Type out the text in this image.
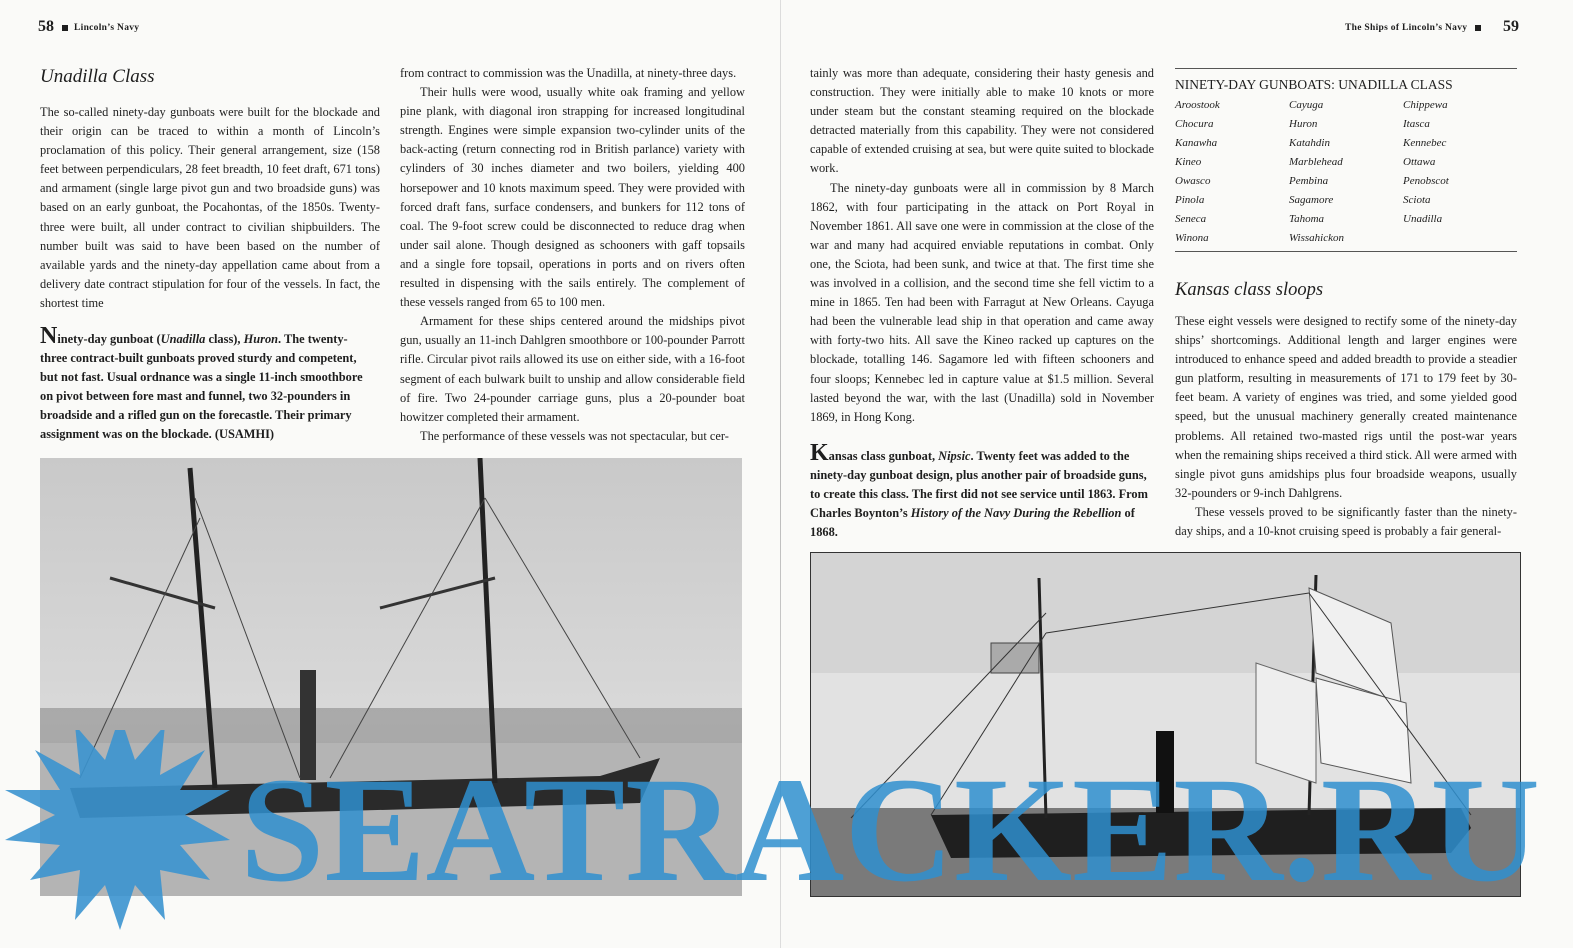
58	Lincoln’s Navy
Unadilla Class

The so-called ninety-day gunboats were built for the blockade and their origin can be traced to within a month of Lincoln’s proclamation of this policy. Their general arrangement, size (158 feet between perpendiculars, 28 feet breadth, 10 feet draft, 671 tons) and armament (single large pivot gun and two broadside guns) was based on an early gunboat, the Pocahontas, of the 1850s. Twenty-three were built, all under contract to civilian shipbuilders. The number built was said to have been based on the number of available yards and the ninety-day appellation came about from a delivery date contract stipulation for four of the vessels. In fact, the shortest time

Ninety-day gunboat (Unadilla class), Huron. The twenty-three contract-built gunboats proved sturdy and competent, but not fast. Usual ordnance was a single 11-inch smoothbore on pivot between fore mast and funnel, two 32-pounders in broadside and a rifled gun on the forecastle. Their primary assignment was on the blockade. (USAMHI)

from contract to commission was the Unadilla, at ninety-three days.

Their hulls were wood, usually white oak framing and yellow pine plank, with diagonal iron strapping for increased longitudinal strength. Engines were simple expansion two-cylinder units of the back-acting (return connecting rod in British parlance) variety with cylinders of 30 inches diameter and two boilers, yielding 400 horsepower and 10 knots maximum speed. They were provided with forced draft fans, surface condensers, and bunkers for 112 tons of coal. The 9-foot screw could be disconnected to reduce drag when under sail alone. Though designed as schooners with gaff topsails and a single fore topsail, operations in ports and on rivers often resulted in dispensing with the sails entirely. The complement of these vessels ranged from 65 to 100 men.

Armament for these ships centered around the midships pivot gun, usually an 11-inch Dahlgren smoothbore or 100-pounder Parrott rifle. Circular pivot rails allowed its use on either side, with a 16-foot segment of each bulwark built to unship and allow considerable field of fire. Two 24-pounder carriage guns, plus a 20-pounder boat howitzer completed their armament.

The performance of these vessels was not spectacular, but cer-

The Ships of Lincoln’s Navy	59

tainly was more than adequate, considering their hasty genesis and construction. They were initially able to make 10 knots or more under steam but the constant steaming required on the blockade detracted materially from this capability. They were not considered capable of extended cruising at sea, but were quite suited to blockade work.

The ninety-day gunboats were all in commission by 8 March 1862, with four participating in the attack on Port Royal in November 1861. All save one were in commission at the close of the war and many had acquired enviable reputations in combat. Only one, the Sciota, had been sunk, and twice at that. The first time she was involved in a collision, and the second time she fell victim to a mine in 1865. Ten had been with Farragut at New Orleans. Cayuga had been the vulnerable lead ship in that operation and came away with forty-two hits. All save the Kineo racked up captures on the blockade, totalling 146. Sagamore led with fifteen schooners and four sloops; Kennebec led in capture value at $1.5 million. Several lasted beyond the war, with the last (Unadilla) sold in November 1869, in Hong Kong.

Kansas class gunboat, Nipsic. Twenty feet was added to the ninety-day gunboat design, plus another pair of broadside guns, to create this class. The first did not see service until 1863. From Charles Boynton’s History of the Navy During the Rebellion of 1868.
NINETY-DAY GUNBOATS: UNADILLA CLASS
Aroostook	Cayuga	Chippewa
Chocura	Huron	Itasca
Kanawha	Katahdin	Kennebec
Kineo	Marblehead	Ottawa
Owasco	Pembina	Penobscot
Pinola	Sagamore	Sciota
Seneca	Tahoma	Unadilla
Winona	Wissahickon	
Kansas class sloops

These eight vessels were designed to rectify some of the ninety-day ships’ shortcomings. Additional length and larger engines were introduced to enhance speed and added breadth to provide a steadier gun platform, resulting in measurements of 171 to 179 feet by 30-feet beam. A variety of engines was tried, and some yielded good speed, but the unusual machinery generally created maintenance problems. All retained two-masted rigs until the post-war years when the remaining ships received a third stick. All were armed with single pivot guns amidships plus four broadside weapons, usually 32-pounders or 9-inch Dahlgrens.

These vessels proved to be significantly faster than the ninety-day ships, and a 10-knot cruising speed is probably a fair general-

SEATRACKER.RU
